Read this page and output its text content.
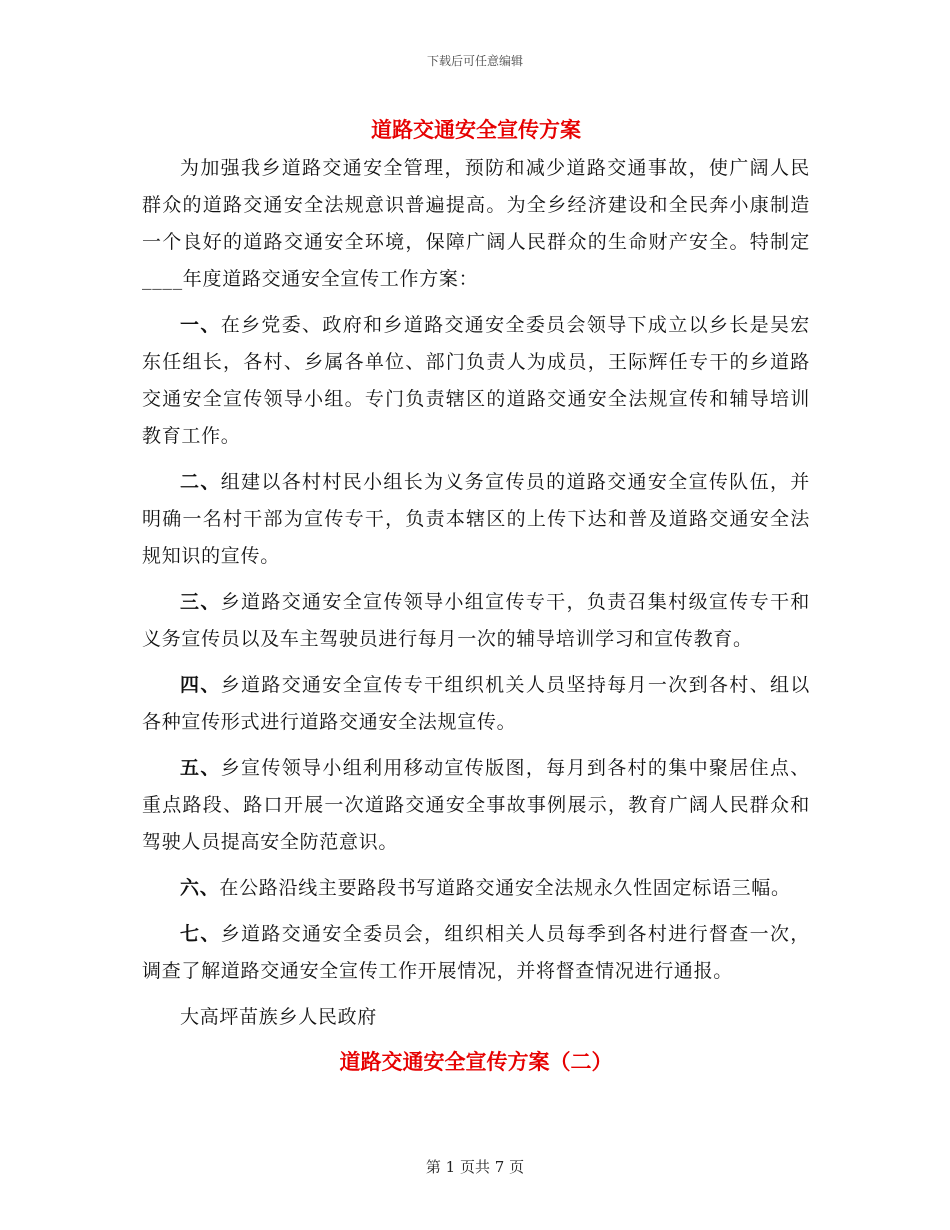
下载后可任意编辑
道路交通安全宣传方案

为加强我乡道路交通安全管理，预防和减少道路交通事故，使广阔人民群众的道路交通安全法规意识普遍提高。为全乡经济建设和全民奔小康制造一个良好的道路交通安全环境，保障广阔人民群众的生命财产安全。特制定____年度道路交通安全宣传工作方案：

一、在乡党委、政府和乡道路交通安全委员会领导下成立以乡长是吴宏东任组长，各村、乡属各单位、部门负责人为成员，王际辉任专干的乡道路交通安全宣传领导小组。专门负责辖区的道路交通安全法规宣传和辅导培训教育工作。

二、组建以各村村民小组长为义务宣传员的道路交通安全宣传队伍，并明确一名村干部为宣传专干，负责本辖区的上传下达和普及道路交通安全法规知识的宣传。

三、乡道路交通安全宣传领导小组宣传专干，负责召集村级宣传专干和义务宣传员以及车主驾驶员进行每月一次的辅导培训学习和宣传教育。

四、乡道路交通安全宣传专干组织机关人员坚持每月一次到各村、组以各种宣传形式进行道路交通安全法规宣传。

五、乡宣传领导小组利用移动宣传版图，每月到各村的集中聚居住点、重点路段、路口开展一次道路交通安全事故事例展示，教育广阔人民群众和驾驶人员提高安全防范意识。

六、在公路沿线主要路段书写道路交通安全法规永久性固定标语三幅。

七、乡道路交通安全委员会，组织相关人员每季到各村进行督查一次，调查了解道路交通安全宣传工作开展情况，并将督查情况进行通报。

大高坪苗族乡人民政府

道路交通安全宣传方案（二）
第 1 页共 7 页
